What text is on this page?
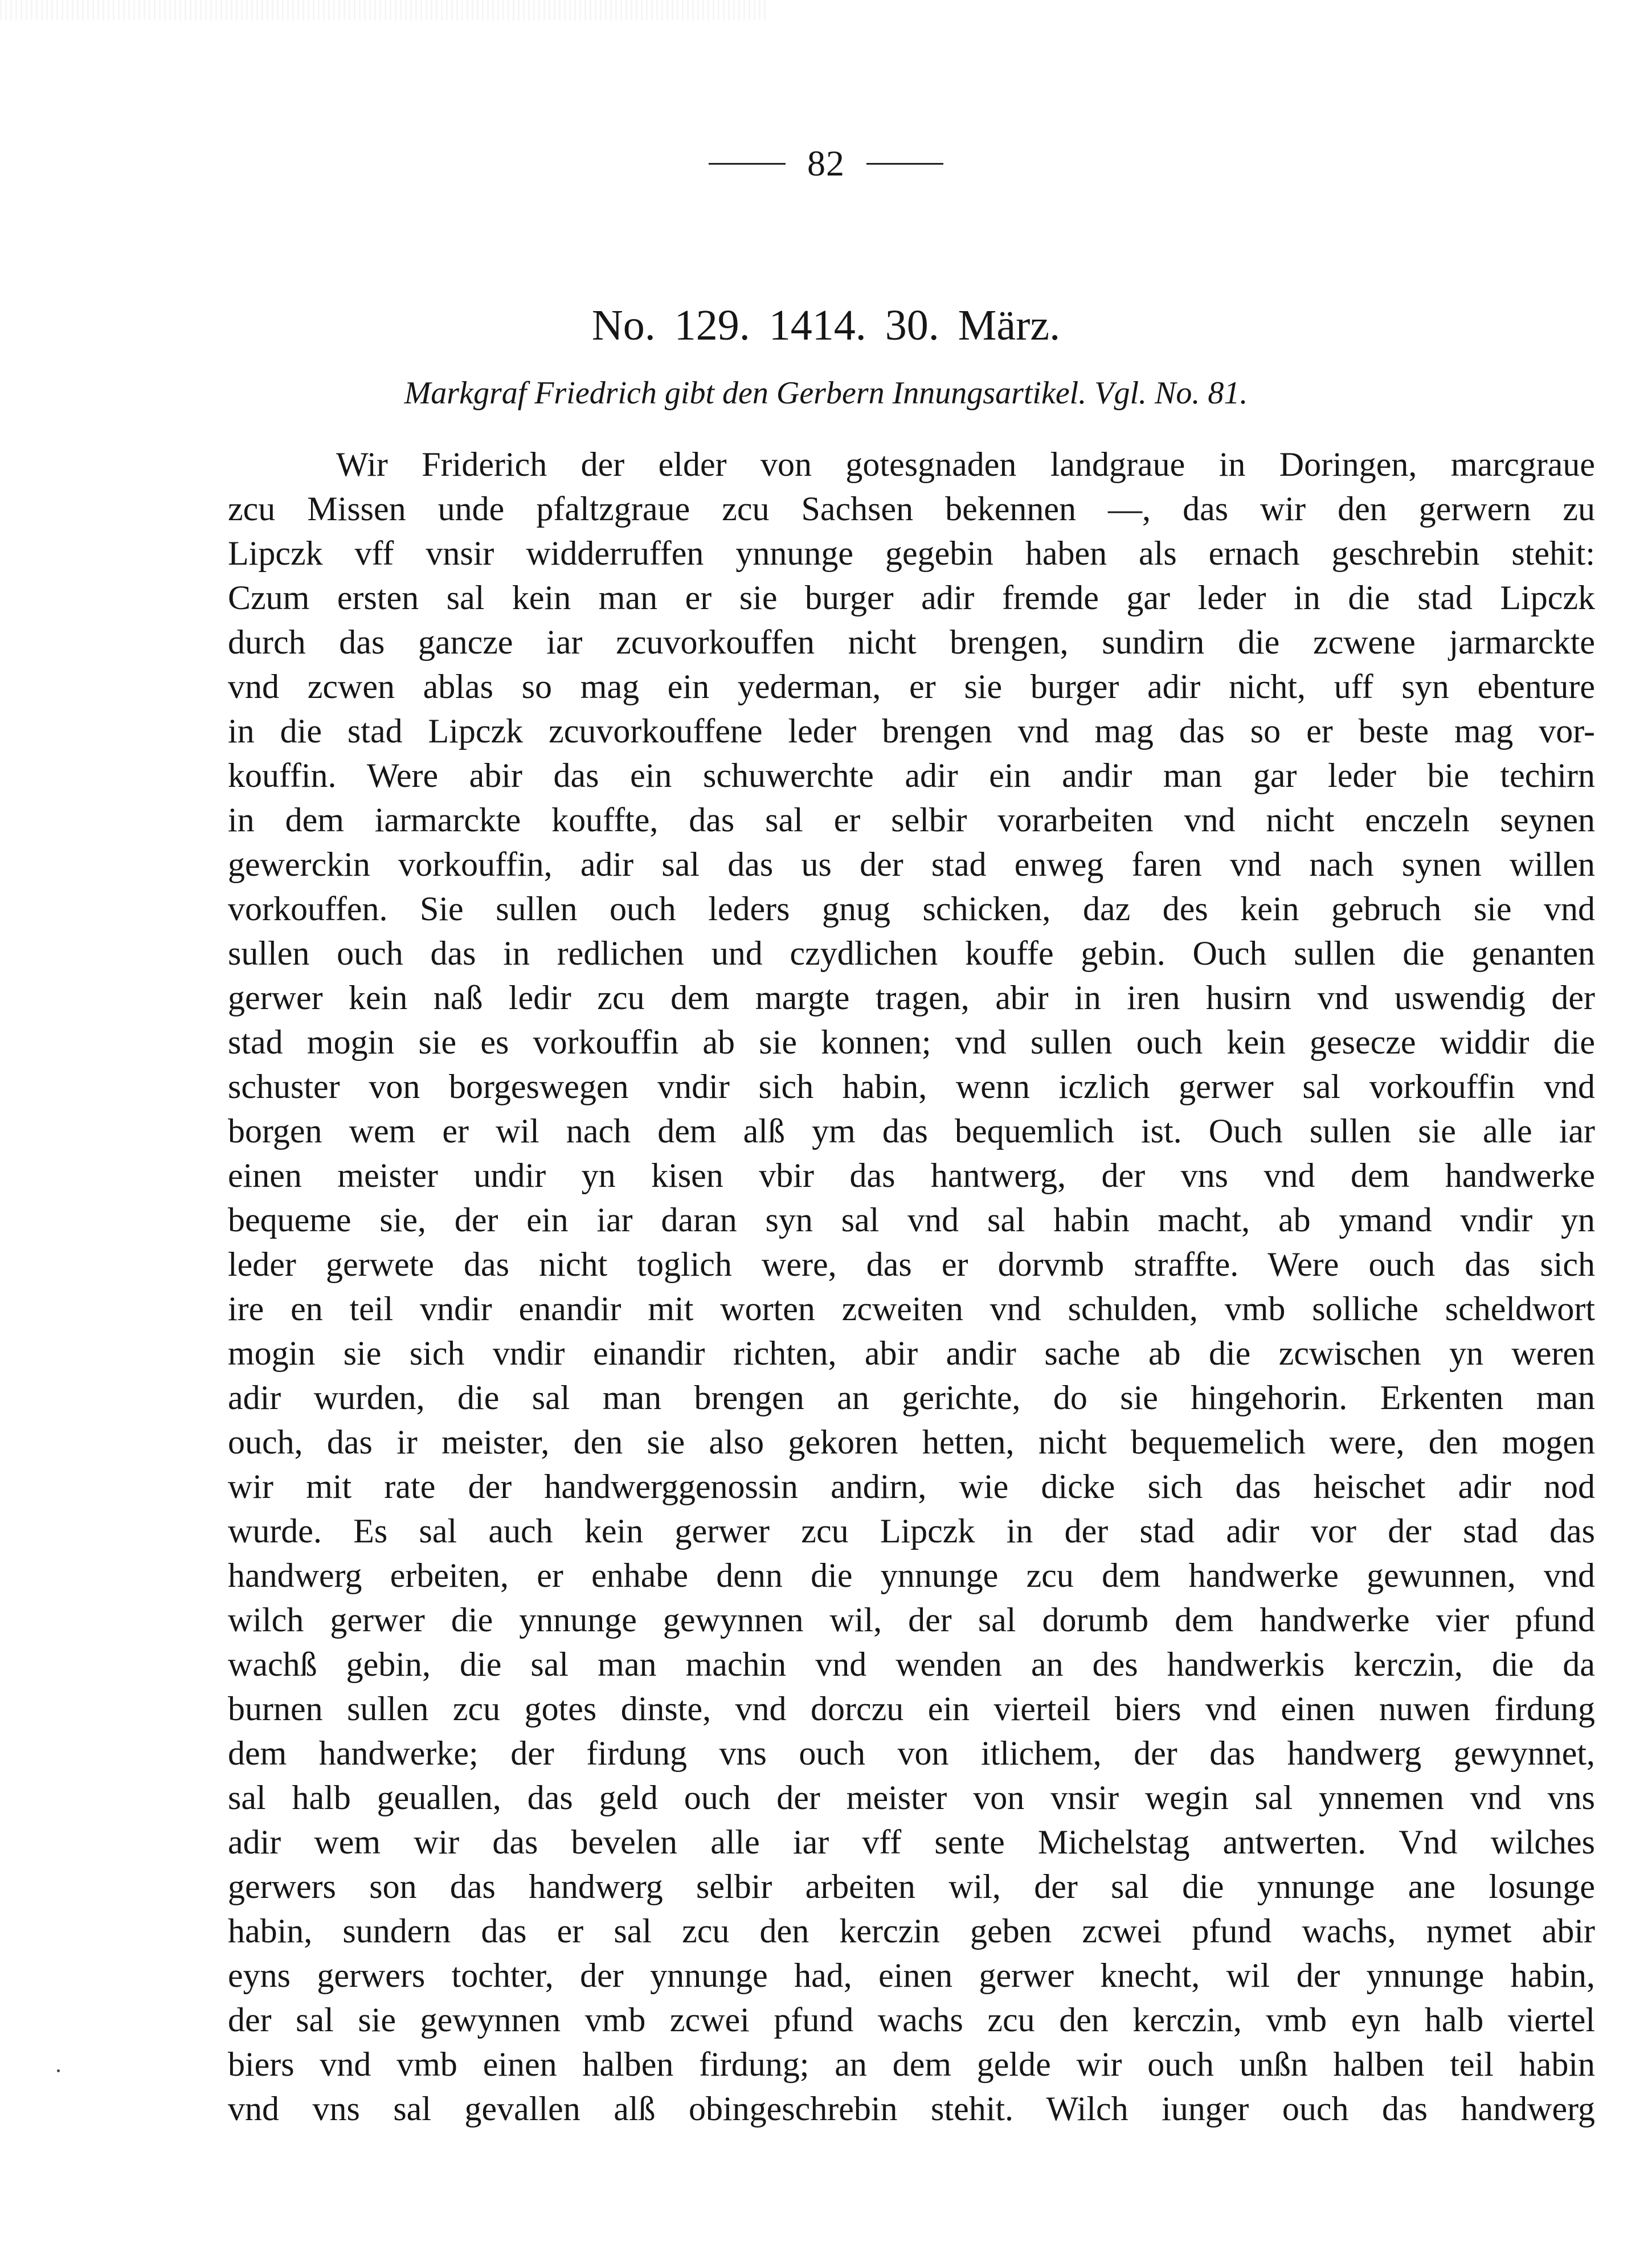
82
No. 129. 1414. 30. März.
Markgraf Friedrich gibt den Gerbern Innungsartikel. Vgl. No. 81.
Wir Friderich der elder von gotesgnaden landgraue in Doringen, marcgraue
zcu Missen unde pfaltzgraue zcu Sachsen bekennen —, das wir den gerwern zu
Lipczk vff vnsir widderruffen ynnunge gegebin haben als ernach geschrebin stehit:
Czum ersten sal kein man er sie burger adir fremde gar leder in die stad Lipczk
durch das gancze iar zcuvorkouffen nicht brengen, sundirn die zcwene jarmarckte
vnd zcwen ablas so mag ein yederman, er sie burger adir nicht, uff syn ebenture
in die stad Lipczk zcuvorkouffene leder brengen vnd mag das so er beste mag vor-
kouffin. Were abir das ein schuwerchte adir ein andir man gar leder bie techirn
in dem iarmarckte kouffte, das sal er selbir vorarbeiten vnd nicht enczeln seynen
gewerckin vorkouffin, adir sal das us der stad enweg faren vnd nach synen willen
vorkouffen. Sie sullen ouch leders gnug schicken, daz des kein gebruch sie vnd
sullen ouch das in redlichen und czydlichen kouffe gebin. Ouch sullen die genanten
gerwer kein naß ledir zcu dem margte tragen, abir in iren husirn vnd uswendig der
stad mogin sie es vorkouffin ab sie konnen; vnd sullen ouch kein gesecze widdir die
schuster von borgeswegen vndir sich habin, wenn iczlich gerwer sal vorkouffin vnd
borgen wem er wil nach dem alß ym das bequemlich ist. Ouch sullen sie alle iar
einen meister undir yn kisen vbir das hantwerg, der vns vnd dem handwerke
bequeme sie, der ein iar daran syn sal vnd sal habin macht, ab ymand vndir yn
leder gerwete das nicht toglich were, das er dorvmb straffte. Were ouch das sich
ire en teil vndir enandir mit worten zcweiten vnd schulden, vmb solliche scheldwort
mogin sie sich vndir einandir richten, abir andir sache ab die zcwischen yn weren
adir wurden, die sal man brengen an gerichte, do sie hingehorin. Erkenten man
ouch, das ir meister, den sie also gekoren hetten, nicht bequemelich were, den mogen
wir mit rate der handwerggenossin andirn, wie dicke sich das heischet adir nod
wurde. Es sal auch kein gerwer zcu Lipczk in der stad adir vor der stad das
handwerg erbeiten, er enhabe denn die ynnunge zcu dem handwerke gewunnen, vnd
wilch gerwer die ynnunge gewynnen wil, der sal dorumb dem handwerke vier pfund
wachß gebin, die sal man machin vnd wenden an des handwerkis kerczin, die da
burnen sullen zcu gotes dinste, vnd dorczu ein vierteil biers vnd einen nuwen firdung
dem handwerke; der firdung vns ouch von itlichem, der das handwerg gewynnet,
sal halb geuallen, das geld ouch der meister von vnsir wegin sal ynnemen vnd vns
adir wem wir das bevelen alle iar vff sente Michelstag antwerten. Vnd wilches
gerwers son das handwerg selbir arbeiten wil, der sal die ynnunge ane losunge
habin, sundern das er sal zcu den kerczin geben zcwei pfund wachs, nymet abir
eyns gerwers tochter, der ynnunge had, einen gerwer knecht, wil der ynnunge habin,
der sal sie gewynnen vmb zcwei pfund wachs zcu den kerczin, vmb eyn halb viertel
biers vnd vmb einen halben firdung; an dem gelde wir ouch unßn halben teil habin
vnd vns sal gevallen alß obingeschrebin stehit. Wilch iunger ouch das handwerg
